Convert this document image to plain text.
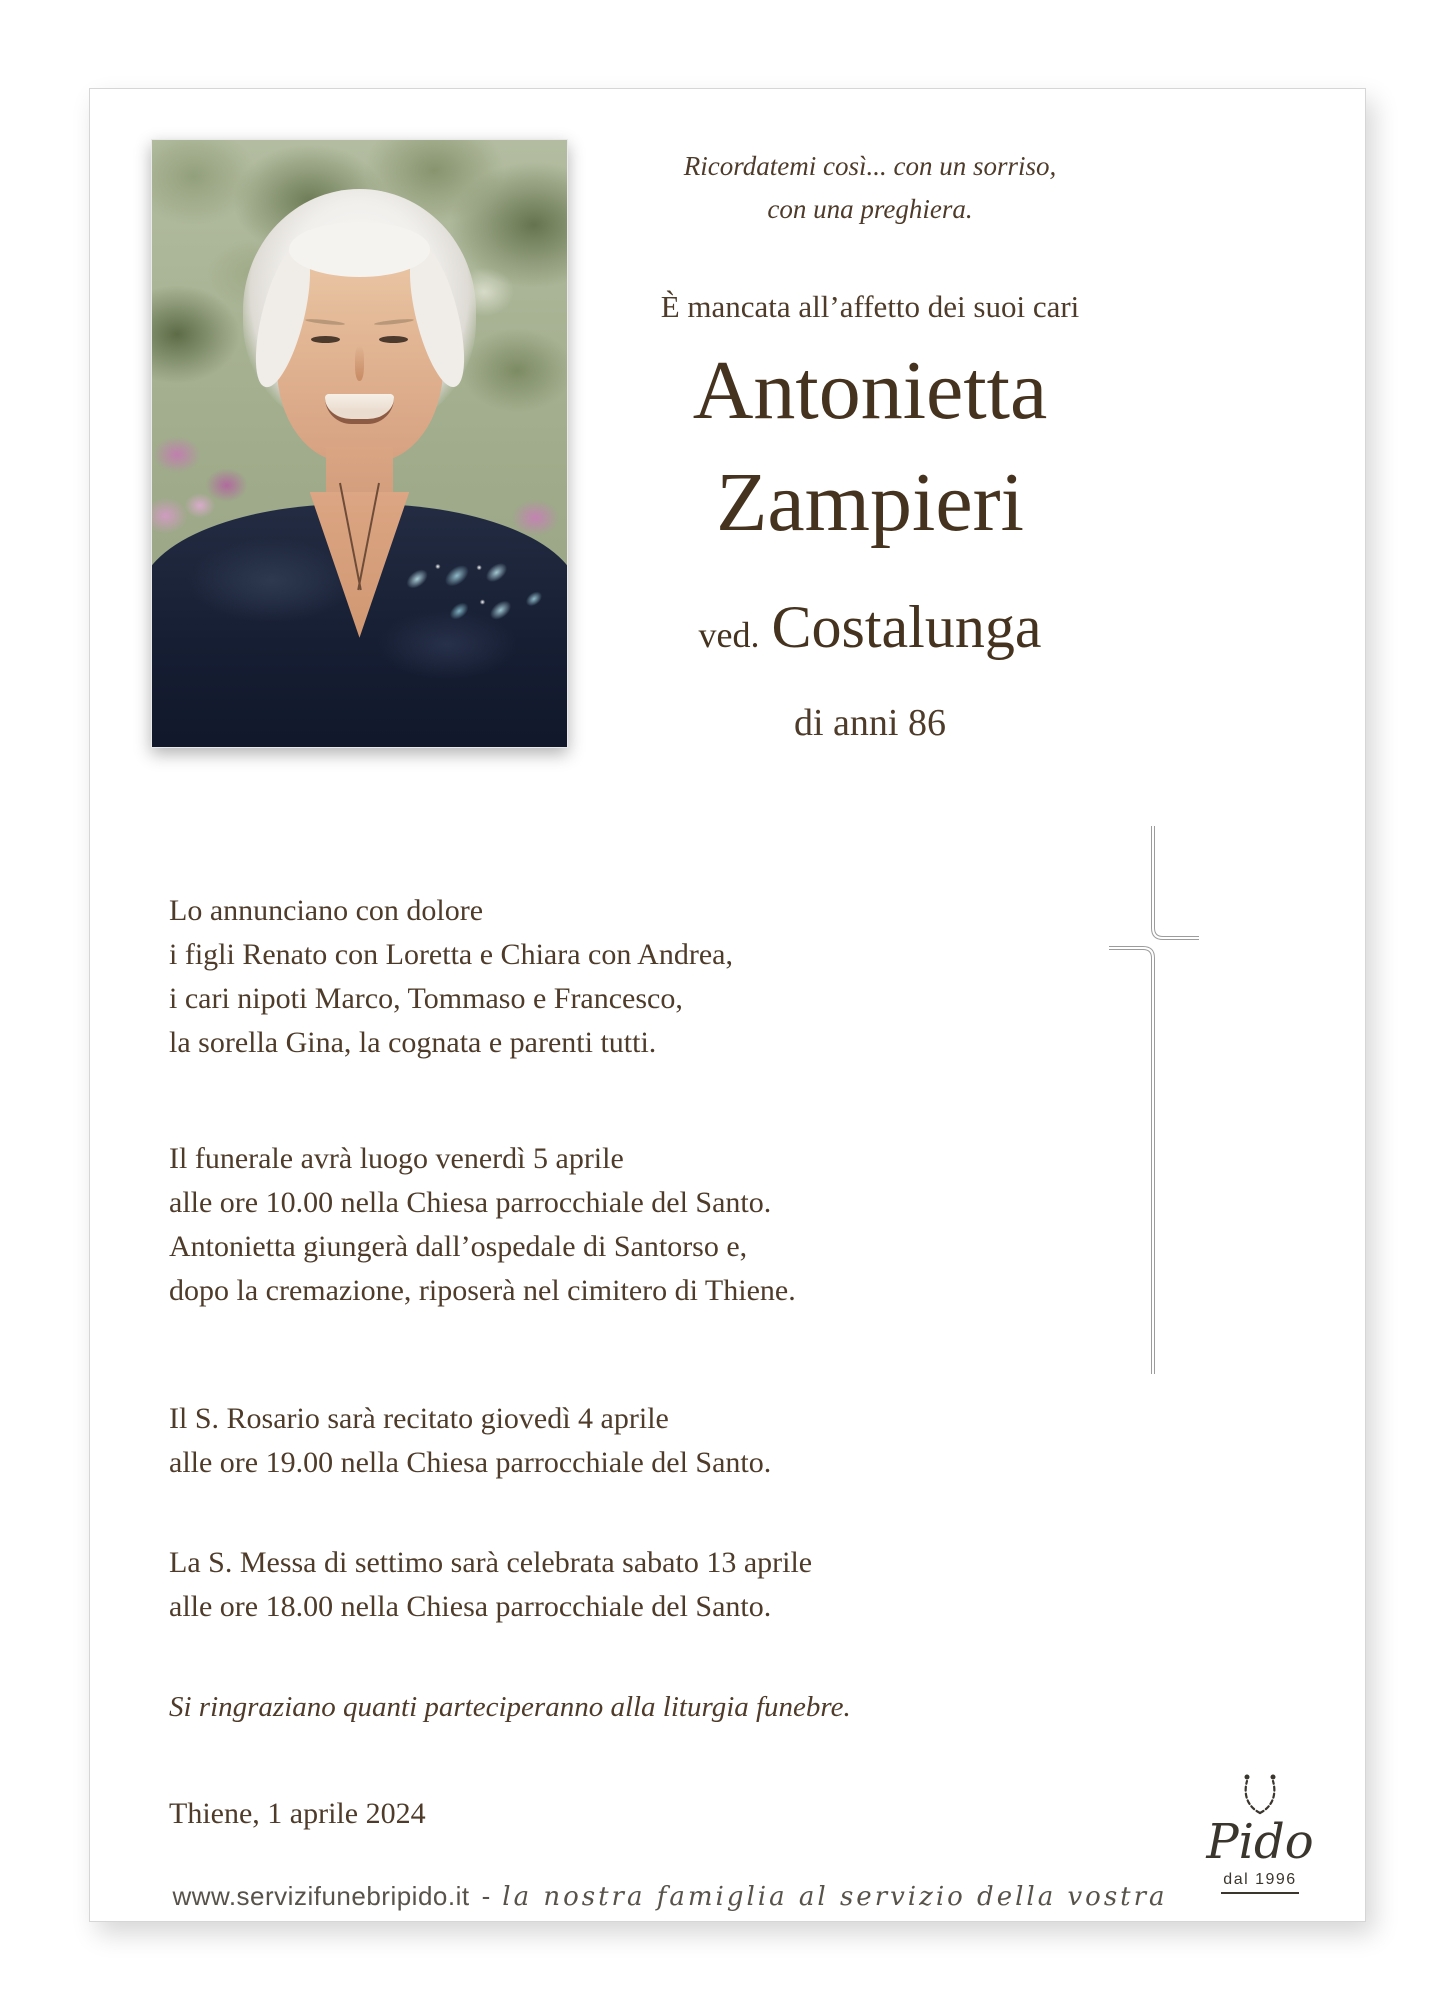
Ricordatemi così... con un sorriso,
con una preghiera.
È mancata all’affetto dei suoi cari
Antonietta
Zampieri
ved. Costalunga
di anni 86
Lo annunciano con dolore
i figli Renato con Loretta e Chiara con Andrea,
i cari nipoti Marco, Tommaso e Francesco,
la sorella Gina, la cognata e parenti tutti.
Il funerale avrà luogo venerdì 5 aprile
alle ore 10.00 nella Chiesa parrocchiale del Santo.
Antonietta giungerà dall’ospedale di Santorso e,
dopo la cremazione, riposerà nel cimitero di Thiene.
Il S. Rosario sarà recitato giovedì 4 aprile
alle ore 19.00 nella Chiesa parrocchiale del Santo.
La S. Messa di settimo sarà celebrata sabato 13 aprile
alle ore 18.00 nella Chiesa parrocchiale del Santo.
Si ringraziano quanti parteciperanno alla liturgia funebre.
Thiene, 1 aprile 2024
www.servizifunebripido.it - la nostra famiglia al servizio della vostra
Pido
dal 1996
